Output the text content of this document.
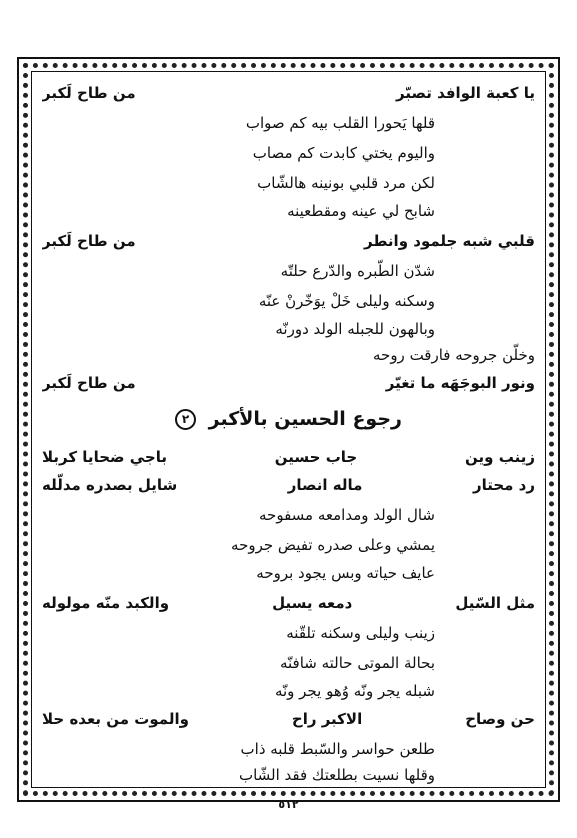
يا كعبة الوافد تصبّر
من طاح لَكبر
قلها يَحورا القلب بيه كم صواب
واليوم يختي كابدت كم مصاب
لكن مرد قلبي بونينه هالشّاب
شابح لي عينه ومقطعينه
قلبي شبه جلمود وانطر
من طاح لَكبر
شدّن الطّبره والدّرع حلتّه
وسكنه وليلى خَلْ يوَخّرنْ عنّه
وبالهون للجبله الولد دورنّه
وخلّن جروحه فارقت روحه
ونور البوجَهَه ما تغيّر
من طاح لَكبر
رجوع الحسين بالأكبر ٢
زينب وين
جاب حسين
باجي ضحايا كربلا
رد محتار
ماله انصار
شايل بصدره مدلّله
شال الولد ومدامعه مسفوحه
يمشي وعلى صدره تفيض جروحه
عايف حياته وبس يجود بروحه
مثل السّيل
دمعه يسيل
والكبد منّه مولوله
زينب وليلى وسكنه تلقّنه
بحالة الموتى حالته شافنّه
شبله يجر ونّه وُهو يجر ونّه
حن وصاح
الاكبر راح
والموت من بعده حلا
طلعن حواسر والسّبط قلبه ذاب
وقلها نسيت بطلعتك فقد الشّاب
٥١٢
